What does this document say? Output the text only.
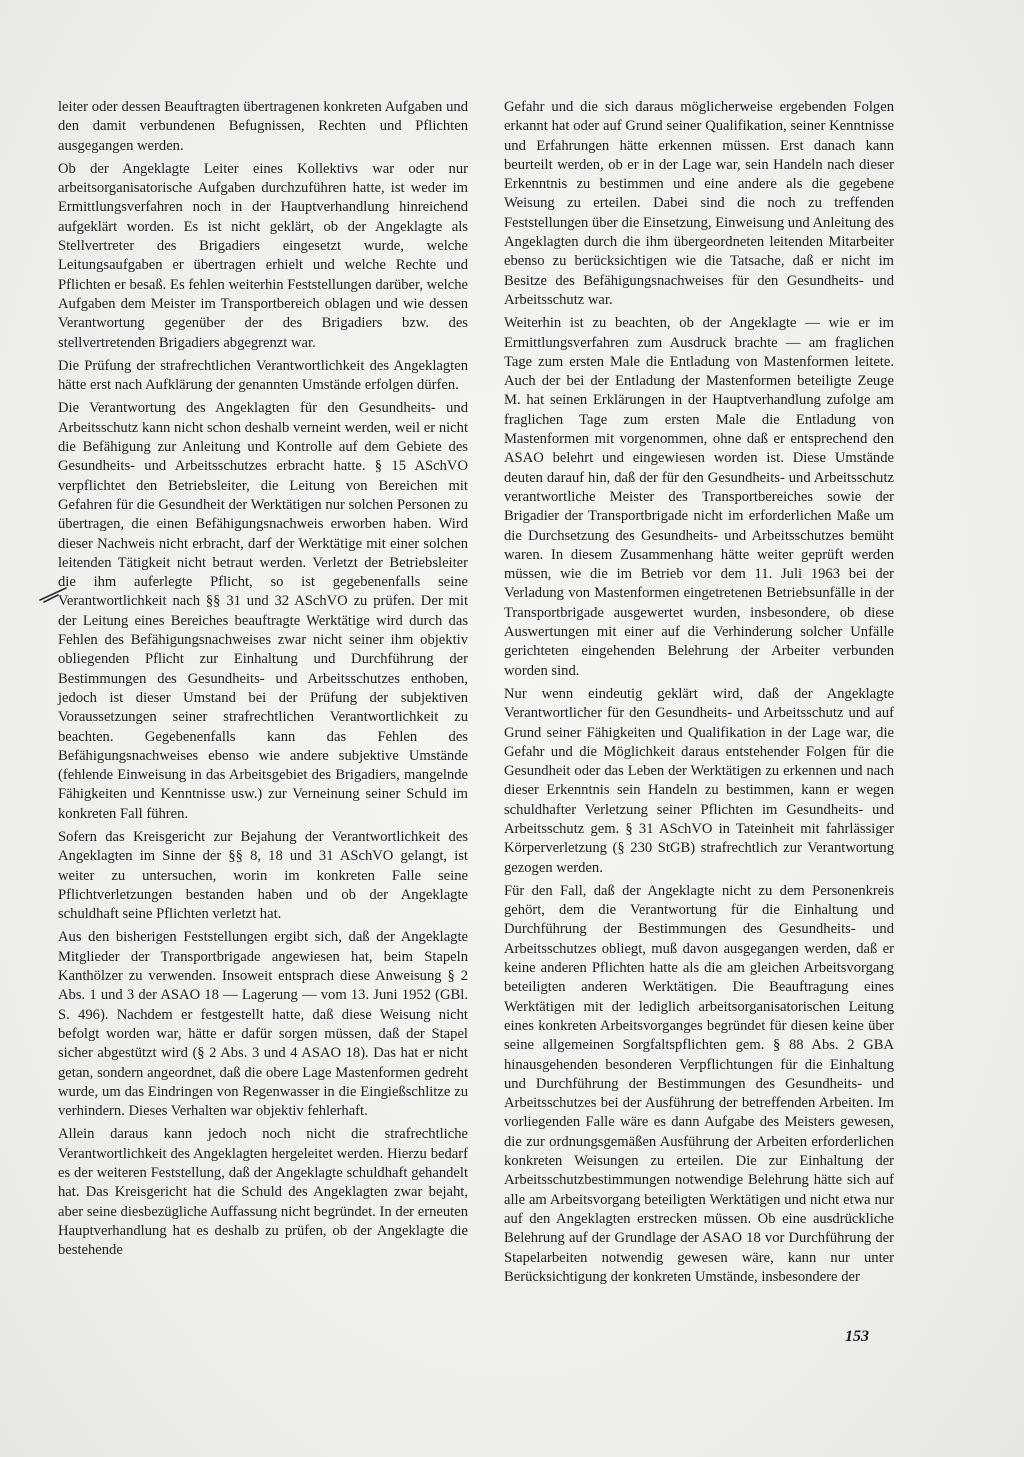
leiter oder dessen Beauftragten übertragenen konkreten Aufgaben und den damit verbundenen Befugnissen, Rechten und Pflichten ausgegangen werden.

Ob der Angeklagte Leiter eines Kollektivs war oder nur arbeitsorganisatorische Aufgaben durchzuführen hatte, ist weder im Ermittlungsverfahren noch in der Hauptverhandlung hinreichend aufgeklärt worden. Es ist nicht geklärt, ob der Angeklagte als Stellvertreter des Brigadiers eingesetzt wurde, welche Leitungsaufgaben er übertragen erhielt und welche Rechte und Pflichten er besaß. Es fehlen weiterhin Feststellungen darüber, welche Aufgaben dem Meister im Transportbereich oblagen und wie dessen Verantwortung gegenüber der des Brigadiers bzw. des stellvertretenden Brigadiers abgegrenzt war.

Die Prüfung der strafrechtlichen Verantwortlichkeit des Angeklagten hätte erst nach Aufklärung der genannten Umstände erfolgen dürfen.

Die Verantwortung des Angeklagten für den Gesundheits- und Arbeitsschutz kann nicht schon deshalb verneint werden, weil er nicht die Befähigung zur Anleitung und Kontrolle auf dem Gebiete des Gesundheits- und Arbeitsschutzes erbracht hatte. § 15 ASchVO verpflichtet den Betriebsleiter, die Leitung von Bereichen mit Gefahren für die Gesundheit der Werktätigen nur solchen Personen zu übertragen, die einen Befähigungsnachweis erworben haben. Wird dieser Nachweis nicht erbracht, darf der Werktätige mit einer solchen leitenden Tätigkeit nicht betraut werden. Verletzt der Betriebsleiter die ihm auferlegte Pflicht, so ist gegebenenfalls seine Verantwortlichkeit nach §§ 31 und 32 ASchVO zu prüfen. Der mit der Leitung eines Bereiches beauftragte Werktätige wird durch das Fehlen des Befähigungsnachweises zwar nicht seiner ihm objektiv obliegenden Pflicht zur Einhaltung und Durchführung der Bestimmungen des Gesundheits- und Arbeitsschutzes enthoben, jedoch ist dieser Umstand bei der Prüfung der subjektiven Voraussetzungen seiner strafrechtlichen Verantwortlichkeit zu beachten. Gegebenenfalls kann das Fehlen des Befähigungsnachweises ebenso wie andere subjektive Umstände (fehlende Einweisung in das Arbeitsgebiet des Brigadiers, mangelnde Fähigkeiten und Kenntnisse usw.) zur Verneinung seiner Schuld im konkreten Fall führen.

Sofern das Kreisgericht zur Bejahung der Verantwortlichkeit des Angeklagten im Sinne der §§ 8, 18 und 31 ASchVO gelangt, ist weiter zu untersuchen, worin im konkreten Falle seine Pflichtverletzungen bestanden haben und ob der Angeklagte schuldhaft seine Pflichten verletzt hat.

Aus den bisherigen Feststellungen ergibt sich, daß der Angeklagte Mitglieder der Transportbrigade angewiesen hat, beim Stapeln Kanthölzer zu verwenden. Insoweit entsprach diese Anweisung § 2 Abs. 1 und 3 der ASAO 18 — Lagerung — vom 13. Juni 1952 (GBl. S. 496). Nachdem er festgestellt hatte, daß diese Weisung nicht befolgt worden war, hätte er dafür sorgen müssen, daß der Stapel sicher abgestützt wird (§ 2 Abs. 3 und 4 ASAO 18). Das hat er nicht getan, sondern angeordnet, daß die obere Lage Mastenformen gedreht wurde, um das Eindringen von Regenwasser in die Eingießschlitze zu verhindern. Dieses Verhalten war objektiv fehlerhaft.

Allein daraus kann jedoch noch nicht die strafrechtliche Verantwortlichkeit des Angeklagten hergeleitet werden. Hierzu bedarf es der weiteren Feststellung, daß der Angeklagte schuldhaft gehandelt hat. Das Kreisgericht hat die Schuld des Angeklagten zwar bejaht, aber seine diesbezügliche Auffassung nicht begründet. In der erneuten Hauptverhandlung hat es deshalb zu prüfen, ob der Angeklagte die bestehende

Gefahr und die sich daraus möglicherweise ergebenden Folgen erkannt hat oder auf Grund seiner Qualifikation, seiner Kenntnisse und Erfahrungen hätte erkennen müssen. Erst danach kann beurteilt werden, ob er in der Lage war, sein Handeln nach dieser Erkenntnis zu bestimmen und eine andere als die gegebene Weisung zu erteilen. Dabei sind die noch zu treffenden Feststellungen über die Einsetzung, Einweisung und Anleitung des Angeklagten durch die ihm übergeordneten leitenden Mitarbeiter ebenso zu berücksichtigen wie die Tatsache, daß er nicht im Besitze des Befähigungsnachweises für den Gesundheits- und Arbeitsschutz war.

Weiterhin ist zu beachten, ob der Angeklagte — wie er im Ermittlungsverfahren zum Ausdruck brachte — am fraglichen Tage zum ersten Male die Entladung von Mastenformen leitete. Auch der bei der Entladung der Mastenformen beteiligte Zeuge M. hat seinen Erklärungen in der Hauptverhandlung zufolge am fraglichen Tage zum ersten Male die Entladung von Mastenformen mit vorgenommen, ohne daß er entsprechend den ASAO belehrt und eingewiesen worden ist. Diese Umstände deuten darauf hin, daß der für den Gesundheits- und Arbeitsschutz verantwortliche Meister des Transportbereiches sowie der Brigadier der Transportbrigade nicht im erforderlichen Maße um die Durchsetzung des Gesundheits- und Arbeitsschutzes bemüht waren. In diesem Zusammenhang hätte weiter geprüft werden müssen, wie die im Betrieb vor dem 11. Juli 1963 bei der Verladung von Mastenformen eingetretenen Betriebsunfälle in der Transportbrigade ausgewertet wurden, insbesondere, ob diese Auswertungen mit einer auf die Verhinderung solcher Unfälle gerichteten eingehenden Belehrung der Arbeiter verbunden worden sind.

Nur wenn eindeutig geklärt wird, daß der Angeklagte Verantwortlicher für den Gesundheits- und Arbeitsschutz und auf Grund seiner Fähigkeiten und Qualifikation in der Lage war, die Gefahr und die Möglichkeit daraus entstehender Folgen für die Gesundheit oder das Leben der Werktätigen zu erkennen und nach dieser Erkenntnis sein Handeln zu bestimmen, kann er wegen schuldhafter Verletzung seiner Pflichten im Gesundheits- und Arbeitsschutz gem. § 31 ASchVO in Tateinheit mit fahrlässiger Körperverletzung (§ 230 StGB) strafrechtlich zur Verantwortung gezogen werden.

Für den Fall, daß der Angeklagte nicht zu dem Personenkreis gehört, dem die Verantwortung für die Einhaltung und Durchführung der Bestimmungen des Gesundheits- und Arbeitsschutzes obliegt, muß davon ausgegangen werden, daß er keine anderen Pflichten hatte als die am gleichen Arbeitsvorgang beteiligten anderen Werktätigen. Die Beauftragung eines Werktätigen mit der lediglich arbeitsorganisatorischen Leitung eines konkreten Arbeitsvorganges begründet für diesen keine über seine allgemeinen Sorgfaltspflichten gem. § 88 Abs. 2 GBA hinausgehenden besonderen Verpflichtungen für die Einhaltung und Durchführung der Bestimmungen des Gesundheits- und Arbeitsschutzes bei der Ausführung der betreffenden Arbeiten. Im vorliegenden Falle wäre es dann Aufgabe des Meisters gewesen, die zur ordnungsgemäßen Ausführung der Arbeiten erforderlichen konkreten Weisungen zu erteilen. Die zur Einhaltung der Arbeitsschutzbestimmungen notwendige Belehrung hätte sich auf alle am Arbeitsvorgang beteiligten Werktätigen und nicht etwa nur auf den Angeklagten erstrecken müssen. Ob eine ausdrückliche Belehrung auf der Grundlage der ASAO 18 vor Durchführung der Stapelarbeiten notwendig gewesen wäre, kann nur unter Berücksichtigung der konkreten Umstände, insbesondere der

153
